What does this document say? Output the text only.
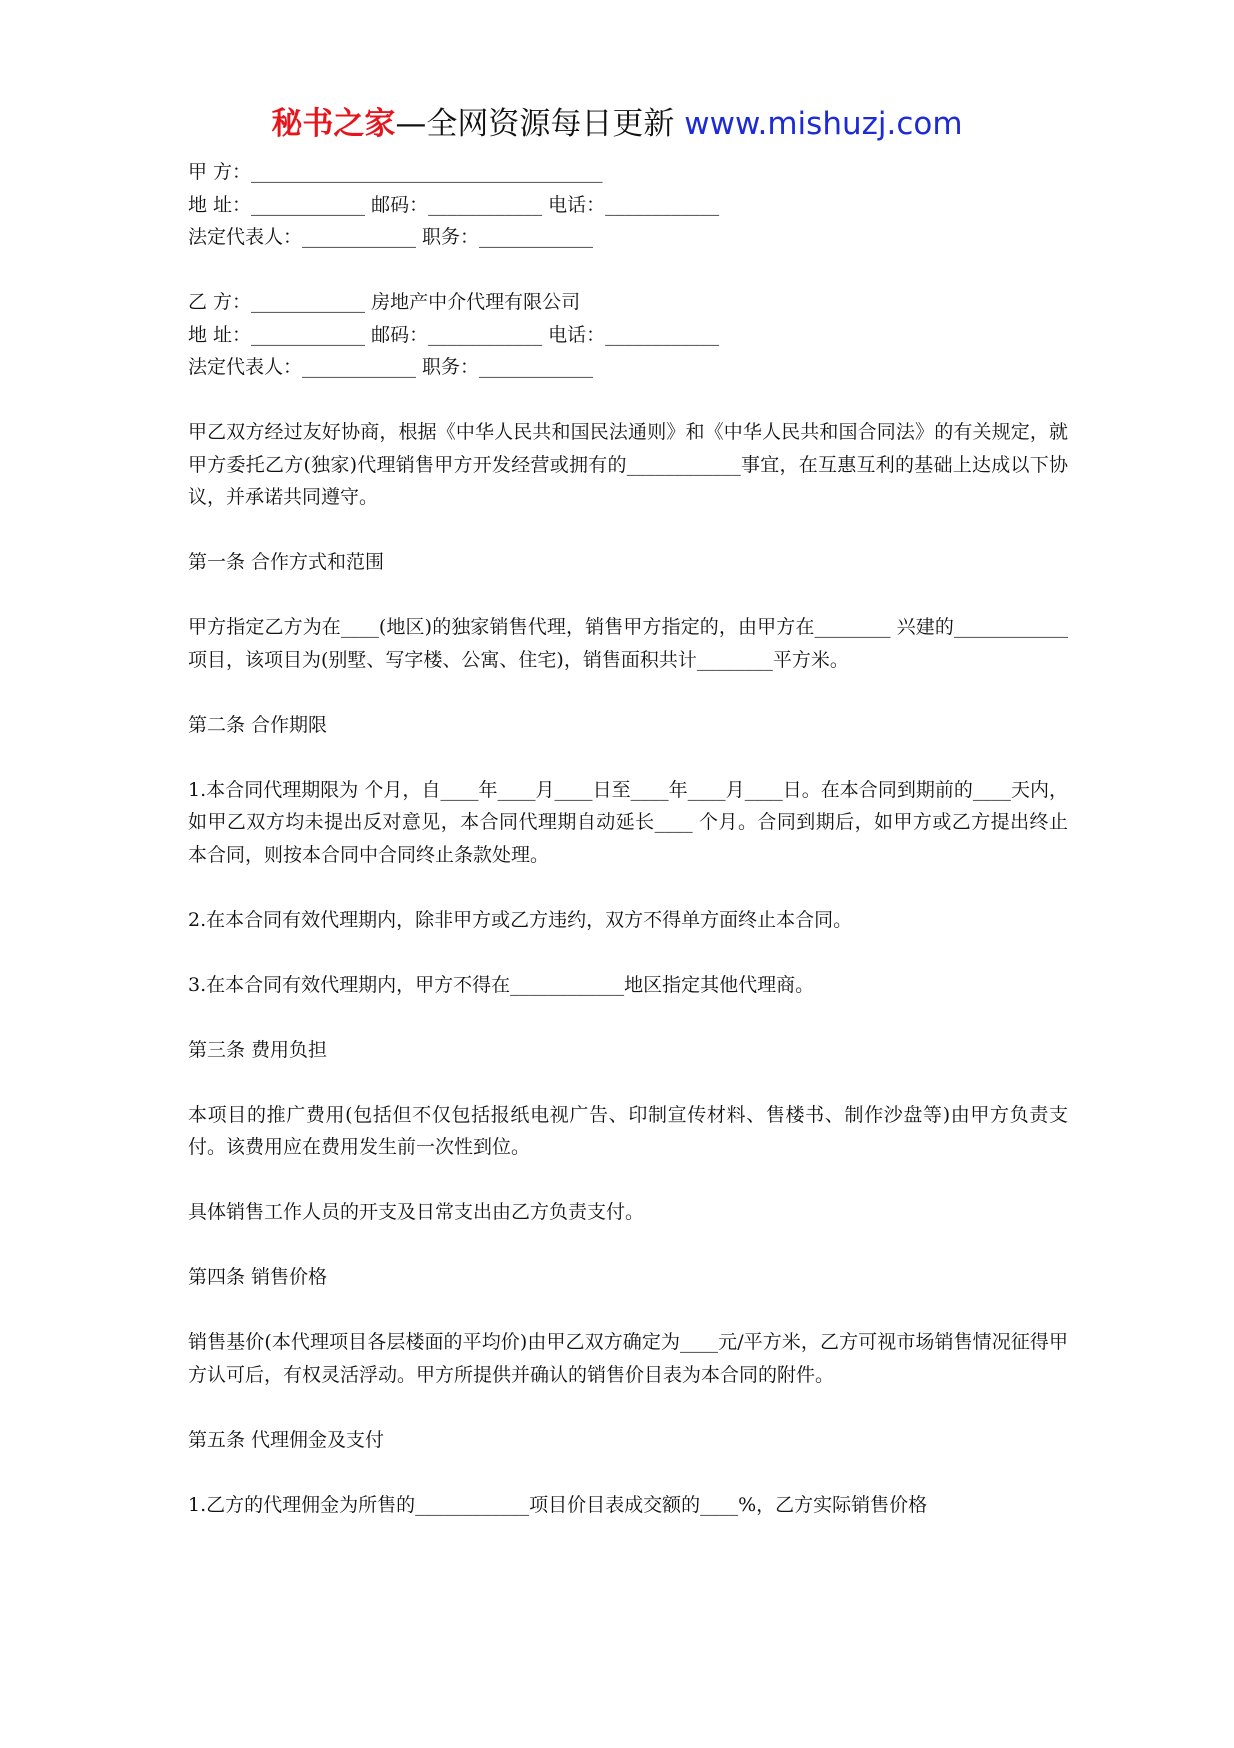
秘书之家—全网资源每日更新 www.mishuzj.com
甲 方：_____________________________________
地 址：____________ 邮码：____________ 电话：____________
法定代表人：____________ 职务：____________
乙 方：____________ 房地产中介代理有限公司
地 址：____________ 邮码：____________ 电话：____________
法定代表人：____________ 职务：____________
甲乙双方经过友好协商，根据《中华人民共和国民法通则》和《中华人民共和国合同法》的有关规定，就甲方委托乙方(独家)代理销售甲方开发经营或拥有的____________事宜，在互惠互利的基础上达成以下协议，并承诺共同遵守。
第一条 合作方式和范围
甲方指定乙方为在____(地区)的独家销售代理，销售甲方指定的，由甲方在________ 兴建的____________项目，该项目为(别墅、写字楼、公寓、住宅)，销售面积共计________平方米。
第二条 合作期限
1.本合同代理期限为 个月，自____年____月____日至____年____月____日。在本合同到期前的____天内，如甲乙双方均未提出反对意见，本合同代理期自动延长____ 个月。合同到期后，如甲方或乙方提出终止本合同，则按本合同中合同终止条款处理。
2.在本合同有效代理期内，除非甲方或乙方违约，双方不得单方面终止本合同。
3.在本合同有效代理期内，甲方不得在____________地区指定其他代理商。
第三条 费用负担
本项目的推广费用(包括但不仅包括报纸电视广告、印制宣传材料、售楼书、制作沙盘等)由甲方负责支付。该费用应在费用发生前一次性到位。
具体销售工作人员的开支及日常支出由乙方负责支付。
第四条 销售价格
销售基价(本代理项目各层楼面的平均价)由甲乙双方确定为____元/平方米，乙方可视市场销售情况征得甲方认可后，有权灵活浮动。甲方所提供并确认的销售价目表为本合同的附件。
第五条 代理佣金及支付
1.乙方的代理佣金为所售的____________项目价目表成交额的____%，乙方实际销售价格
